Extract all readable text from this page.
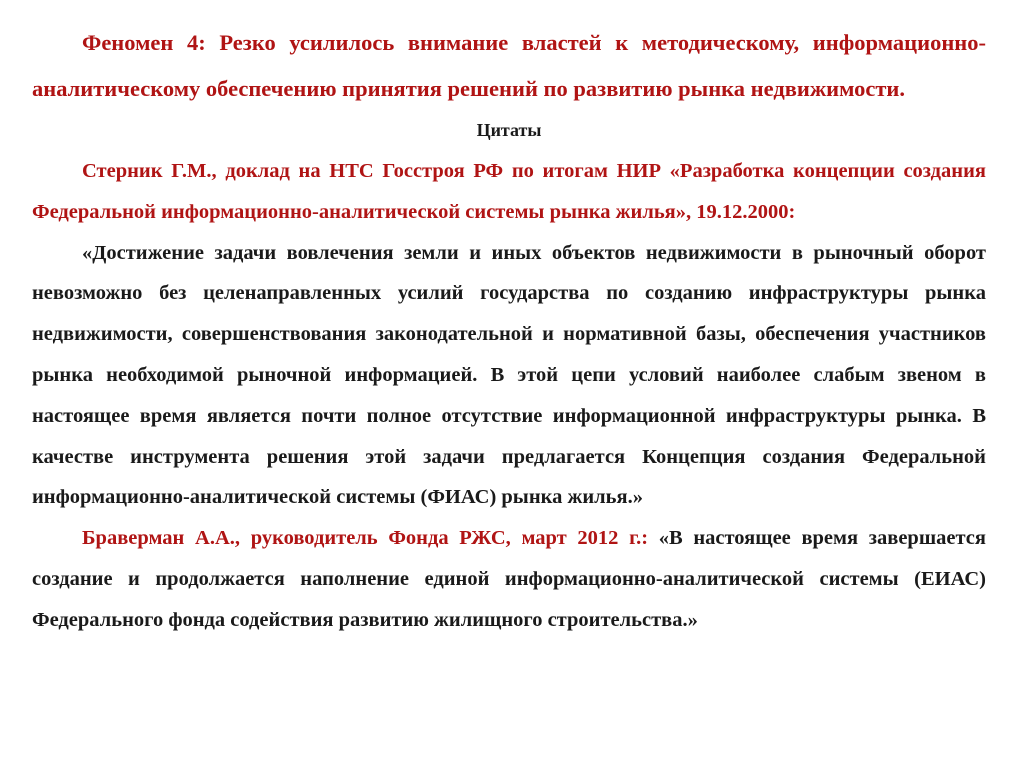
Феномен 4: Резко усилилось внимание властей к методическому, информационно-аналитическому обеспечению принятия решений по развитию рынка недвижимости.

Цитаты

Стерник Г.М., доклад на НТС Госстроя РФ по итогам НИР «Разработка концепции создания Федеральной информационно-аналитической системы рынка жилья», 19.12.2000:

«Достижение задачи вовлечения земли и иных объектов недвижимости в рыночный оборот невозможно без целенаправленных усилий государства по созданию инфраструктуры рынка недвижимости, совершенствования законодательной и нормативной базы, обеспечения участников рынка необходимой рыночной информацией. В этой цепи условий наиболее слабым звеном в настоящее время является почти полное отсутствие информационной инфраструктуры рынка. В качестве инструмента решения этой задачи предлагается Концепция создания Федеральной информационно-аналитической системы (ФИАС) рынка жилья.»

Браверман А.А., руководитель Фонда РЖС, март 2012 г.: «В настоящее время завершается создание и продолжается наполнение единой информационно-аналитической системы (ЕИАС) Федерального фонда содействия развитию жилищного строительства.»
